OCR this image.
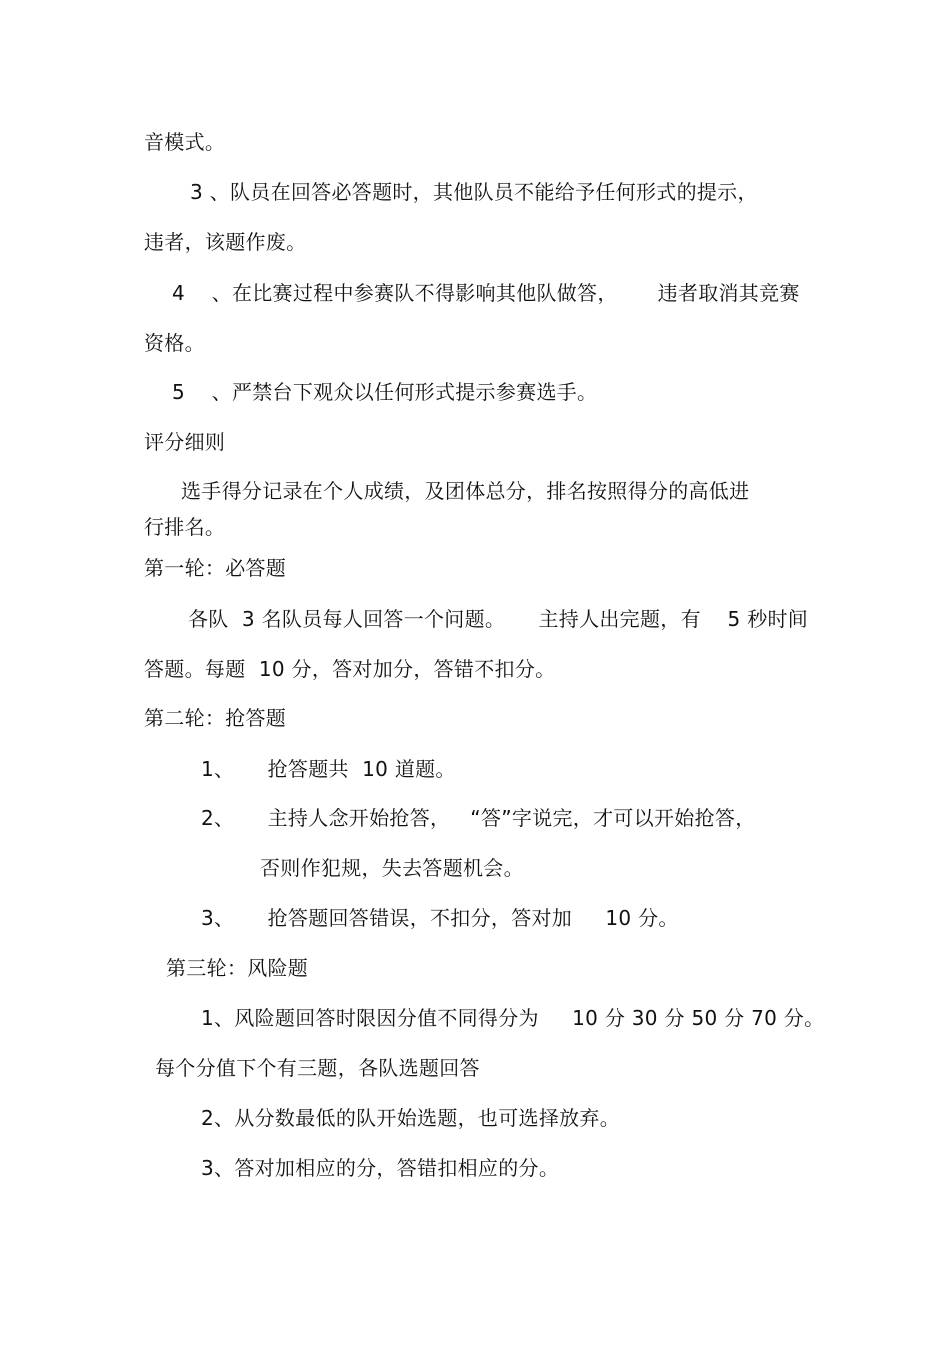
音模式。
3 、队员在回答必答题时，其他队员不能给予任何形式的提示，
违者，该题作废。
4    、在比赛过程中参赛队不得影响其他队做答，      违者取消其竞赛
资格。
5    、严禁台下观众以任何形式提示参赛选手。
评分细则
选手得分记录在个人成绩，及团体总分，排名按照得分的高低进
行排名。
第一轮：必答题
各队  3 名队员每人回答一个问题。     主持人出完题，有    5 秒时间
答题。每题  10 分，答对加分，答错不扣分。
第二轮：抢答题
1、     抢答题共  10 道题。
2、     主持人念开始抢答，   “答”字说完，才可以开始抢答，
否则作犯规，失去答题机会。
3、     抢答题回答错误，不扣分，答对加     10 分。
第三轮：风险题
1、风险题回答时限因分值不同得分为     10 分 30 分 50 分 70 分。
每个分值下个有三题，各队选题回答
2、从分数最低的队开始选题，也可选择放弃。
3、答对加相应的分，答错扣相应的分。
